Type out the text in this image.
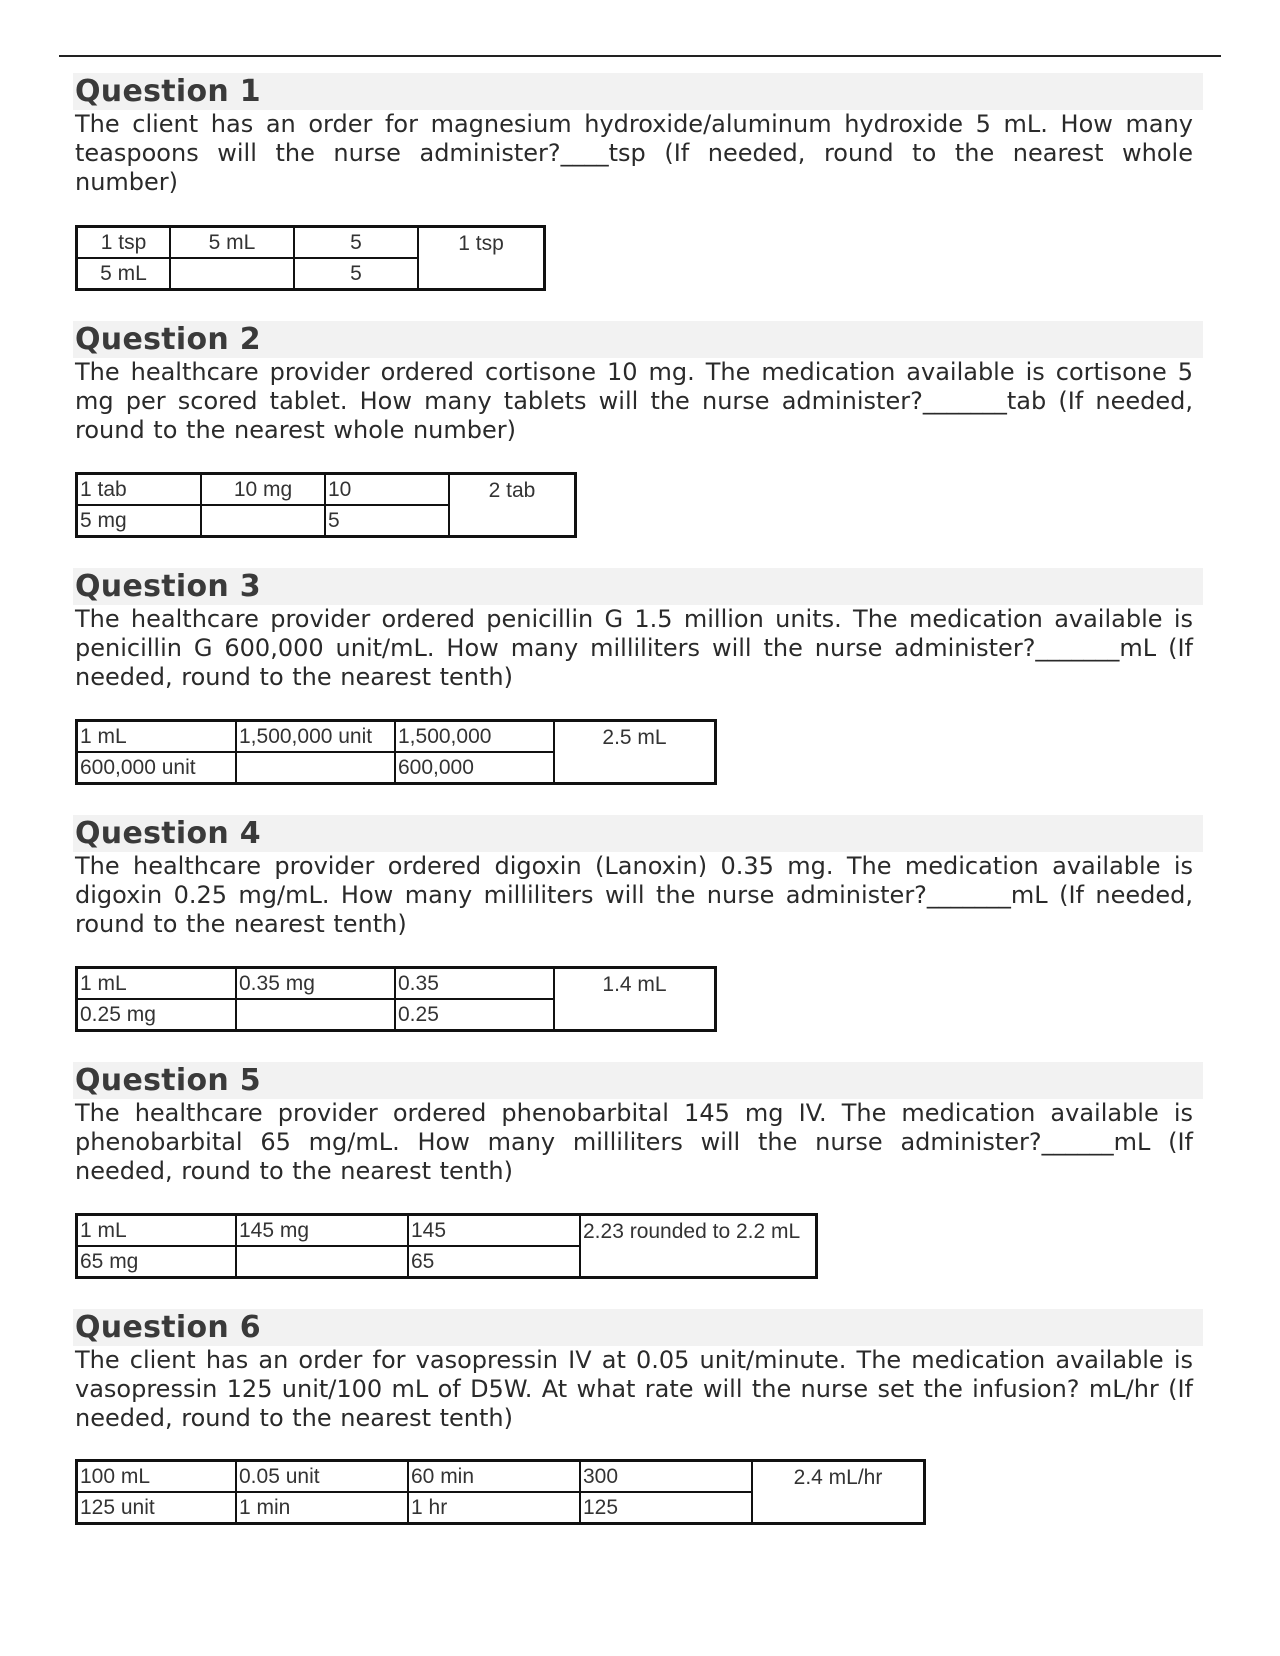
Question 1
The client has an order for magnesium hydroxide/aluminum hydroxide 5 mL. How many teaspoons will the nurse administer?____tsp (If needed, round to the nearest whole number)
1 tsp	5 mL	5	1 tsp
5 mL		5	
Question 2
The healthcare provider ordered cortisone 10 mg. The medication available is cortisone 5 mg per scored tablet. How many tablets will the nurse administer?_______tab (If needed, round to the nearest whole number)
1 tab	10 mg	10	2 tab
5 mg		5	
Question 3
The healthcare provider ordered penicillin G 1.5 million units. The medication available is penicillin G 600,000 unit/mL. How many milliliters will the nurse administer?_______mL (If needed, round to the nearest tenth)
1 mL	1,500,000 unit	1,500,000	2.5 mL
600,000 unit		600,000	
Question 4
The healthcare provider ordered digoxin (Lanoxin) 0.35 mg. The medication available is digoxin 0.25 mg/mL. How many milliliters will the nurse administer?_______mL (If needed, round to the nearest tenth)
1 mL	0.35 mg	0.35	1.4 mL
0.25 mg		0.25	
Question 5
The healthcare provider ordered phenobarbital 145 mg IV. The medication available is phenobarbital 65 mg/mL. How many milliliters will the nurse administer?______mL (If needed, round to the nearest tenth)
1 mL	145 mg	145	2.23 rounded to 2.2 mL
65 mg		65	
Question 6
The client has an order for vasopressin IV at 0.05 unit/minute. The medication available is vasopressin 125 unit/100 mL of D5W. At what rate will the nurse set the infusion? mL/hr (If needed, round to the nearest tenth)
100 mL	0.05 unit	60 min	300	2.4 mL/hr
125 unit	1 min	1 hr	125	
